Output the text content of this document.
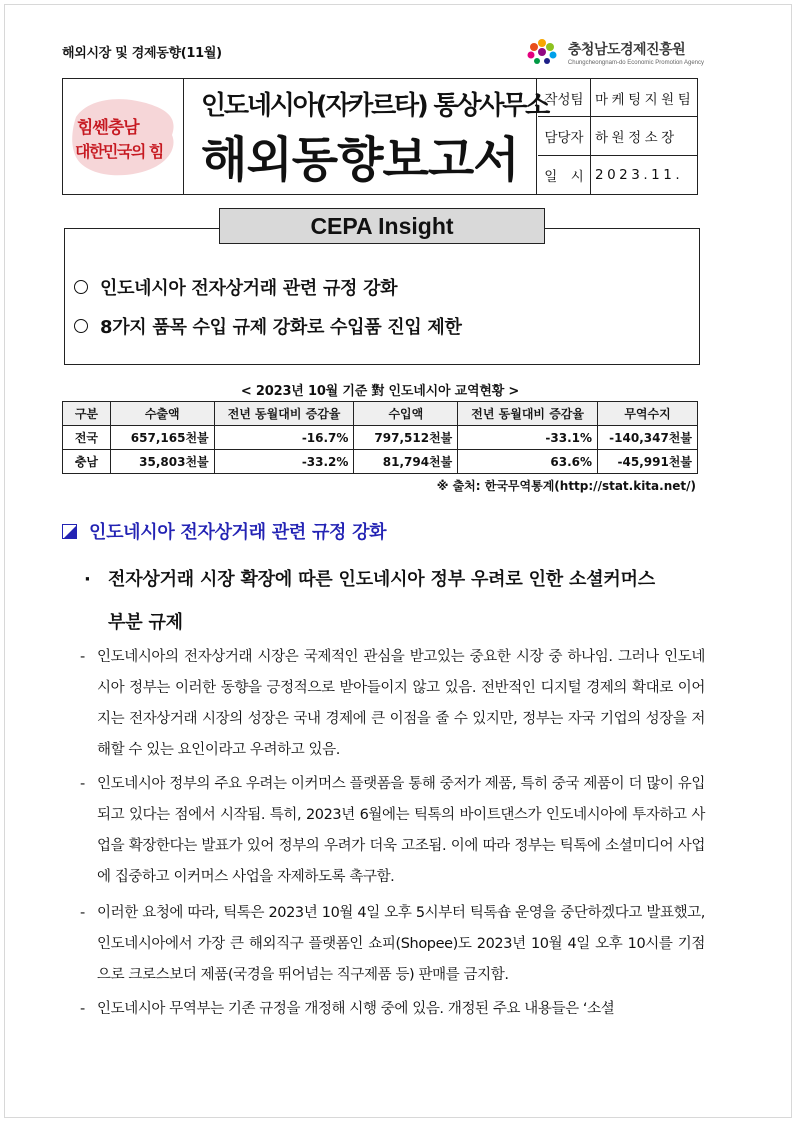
해외시장 및 경제동향(11월)	충청남도경제진흥원
Chungcheongnam-do Economic Promotion Agency
힘쎈충남
대한민국의 힘
인도네시아(자카르타) 통상사무소
해외동향보고서
작성팀 마케팅지원팀
담당자 하원정소장
일　시 2023.11.
CEPA Insight
인도네시아 전자상거래 관련 규정 강화
8가지 품목 수입 규제 강화로 수입품 진입 제한
< 2023년 10월 기준 對 인도네시아 교역현황 >
구분	수출액	전년 동월대비 증감율	수입액	전년 동월대비 증감율	무역수지
전국	657,165천불	-16.7%	797,512천불	-33.1%	-140,347천불
충남	35,803천불	-33.2%	81,794천불	63.6%	-45,991천불
※ 출처: 한국무역통계(http://stat.kita.net/)
인도네시아 전자상거래 관련 규정 강화
· 전자상거래 시장 확장에 따른 인도네시아 정부 우려로 인한 소셜커머스
부분 규제
- 인도네시아의 전자상거래 시장은 국제적인 관심을 받고있는 중요한 시장 중 하나임. 그러나 인도네시아 정부는 이러한 동향을 긍정적으로 받아들이지 않고 있음. 전반적인 디지털 경제의 확대로 이어지는 전자상거래 시장의 성장은 국내 경제에 큰 이점을 줄 수 있지만, 정부는 자국 기업의 성장을 저해할 수 있는 요인이라고 우려하고 있음.
- 인도네시아 정부의 주요 우려는 이커머스 플랫폼을 통해 중저가 제품, 특히 중국 제품이 더 많이 유입되고 있다는 점에서 시작됨. 특히, 2023년 6월에는 틱톡의 바이트댄스가 인도네시아에 투자하고 사업을 확장한다는 발표가 있어 정부의 우려가 더욱 고조됨. 이에 따라 정부는 틱톡에 소셜미디어 사업에 집중하고 이커머스 사업을 자제하도록 촉구함.
- 이러한 요청에 따라, 틱톡은 2023년 10월 4일 오후 5시부터 틱톡숍 운영을 중단하겠다고 발표했고, 인도네시아에서 가장 큰 해외직구 플랫폼인 쇼피(Shopee)도 2023년 10월 4일 오후 10시를 기점으로 크로스보더 제품(국경을 뛰어넘는 직구제품 등) 판매를 금지함.
- 인도네시아 무역부는 기존 규정을 개정해 시행 중에 있음. 개정된 주요 내용들은 ‘소셜
